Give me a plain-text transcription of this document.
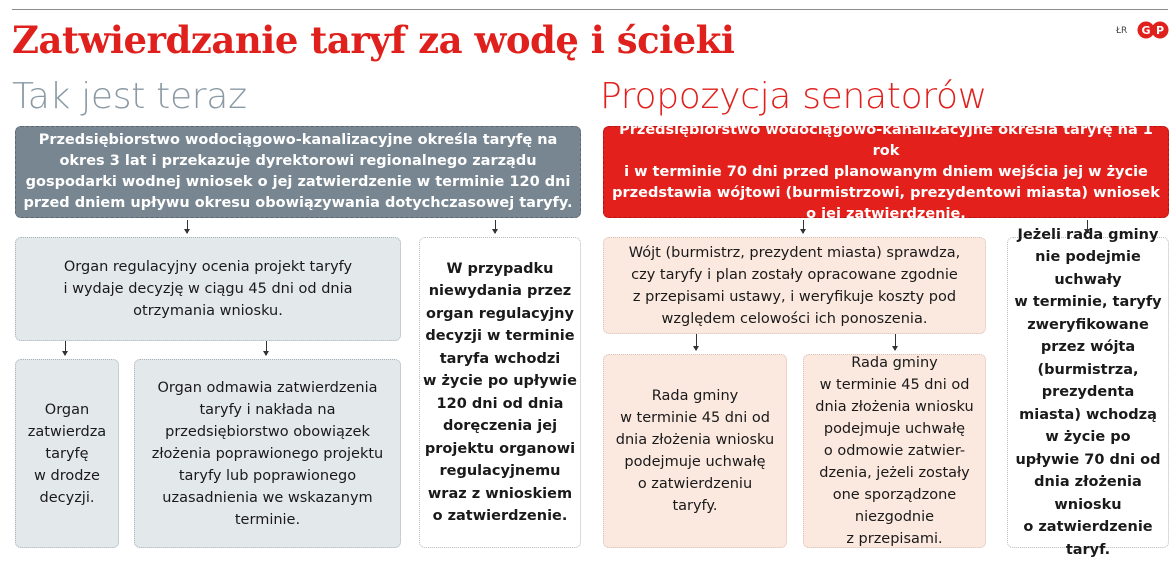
Zatwierdzanie taryf za wodę i ścieki	ŁR G P
Tak jest teraz	Propozycja senatorów
Przedsiębiorstwo wodociągowo-kanalizacyjne określa taryfę na
okres 3 lat i przekazuje dyrektorowi regionalnego zarządu
gospodarki wodnej wniosek o jej zatwierdzenie w terminie 120 dni
przed dniem upływu okresu obowiązywania dotychczasowej taryfy.
Organ regulacyjny ocenia projekt taryfy
i wydaje decyzję w ciągu 45 dni od dnia
otrzymania wniosku.
W przypadku
niewydania przez
organ regulacyjny
decyzji w terminie
taryfa wchodzi
w życie po upływie
120 dni od dnia
doręczenia jej
projektu organowi
regulacyjnemu
wraz z wnioskiem
o zatwierdzenie.
Organ
zatwierdza
taryfę
w drodze
decyzji.
Organ odmawia zatwierdzenia
taryfy i nakłada na
przedsiębiorstwo obowiązek
złożenia poprawionego projektu
taryfy lub poprawionego
uzasadnienia we wskazanym
terminie.
Przedsiębiorstwo wodociągowo-kanalizacyjne określa taryfę na 1 rok
i w terminie 70 dni przed planowanym dniem wejścia jej w życie
przedstawia wójtowi (burmistrzowi, prezydentowi miasta) wniosek
o jej zatwierdzenie.
Wójt (burmistrz, prezydent miasta) sprawdza,
czy taryfy i plan zostały opracowane zgodnie
z przepisami ustawy, i weryfikuje koszty pod
względem celowości ich ponoszenia.
Jeżeli rada gminy
nie podejmie
uchwały
w terminie, taryfy
zweryfikowane
przez wójta
(burmistrza,
prezydenta
miasta) wchodzą
w życie po
upływie 70 dni od
dnia złożenia
wniosku
o zatwierdzenie
taryf.
Rada gminy
w terminie 45 dni od
dnia złożenia wniosku
podejmuje uchwałę
o zatwierdzeniu
taryfy.
Rada gminy
w terminie 45 dni od
dnia złożenia wniosku
podejmuje uchwałę
o odmowie zatwier-
dzenia, jeżeli zostały
one sporządzone
niezgodnie
z przepisami.
